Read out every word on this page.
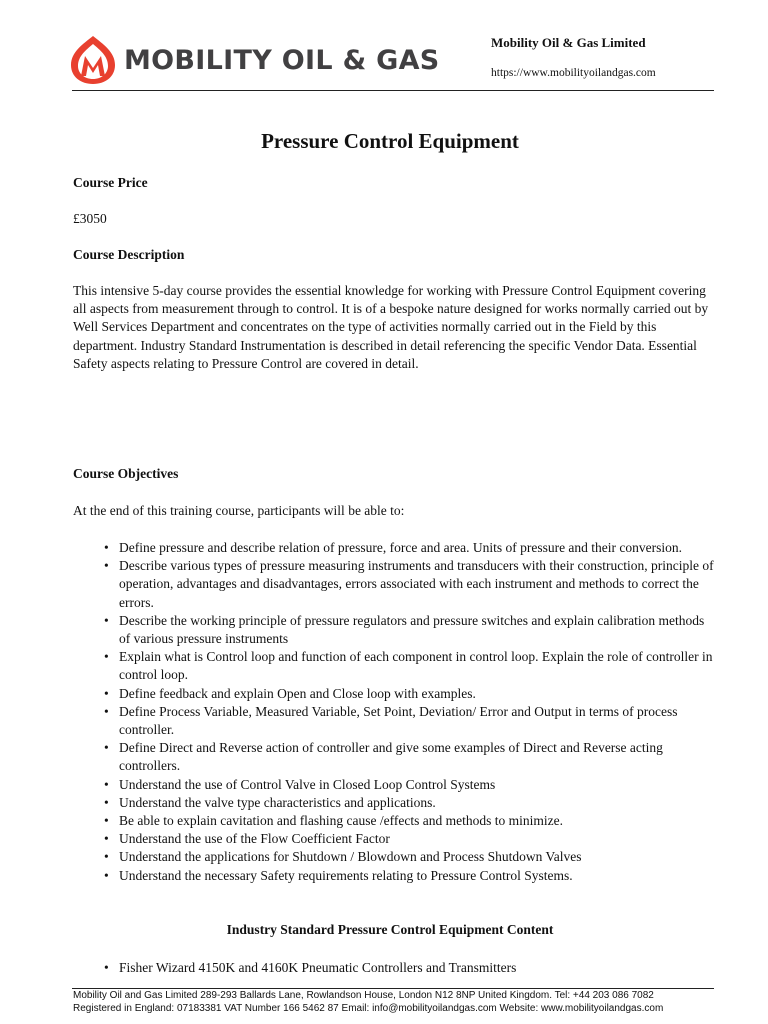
MOBILITY OIL & GAS
Mobility Oil & Gas Limited
https://www.mobilityoilandgas.com
Pressure Control Equipment
Course Price
£3050
Course Description

This intensive 5-day course provides the essential knowledge for working with Pressure Control Equipment covering all aspects from measurement through to control. It is of a bespoke nature designed for works normally carried out by Well Services Department and concentrates on the type of activities normally carried out in the Field by this department. Industry Standard Instrumentation is described in detail referencing the specific Vendor Data. Essential Safety aspects relating to Pressure Control are covered in detail.

Course Objectives

At the end of this training course, participants will be able to:

• Define pressure and describe relation of pressure, force and area. Units of pressure and their conversion.
• Describe various types of pressure measuring instruments and transducers with their construction, principle of operation, advantages and disadvantages, errors associated with each instrument and methods to correct the errors.
• Describe the working principle of pressure regulators and pressure switches and explain calibration methods of various pressure instruments
• Explain what is Control loop and function of each component in control loop. Explain the role of controller in control loop.
• Define feedback and explain Open and Close loop with examples.
• Define Process Variable, Measured Variable, Set Point, Deviation/ Error and Output in terms of process controller.
• Define Direct and Reverse action of controller and give some examples of Direct and Reverse acting controllers.
• Understand the use of Control Valve in Closed Loop Control Systems
• Understand the valve type characteristics and applications.
• Be able to explain cavitation and flashing cause /effects and methods to minimize.
• Understand the use of the Flow Coefficient Factor
• Understand the applications for Shutdown / Blowdown and Process Shutdown Valves
• Understand the necessary Safety requirements relating to Pressure Control Systems.
Industry Standard Pressure Control Equipment Content
• Fisher Wizard 4150K and 4160K Pneumatic Controllers and Transmitters
Mobility Oil and Gas Limited 289-293 Ballards Lane, Rowlandson House, London N12 8NP United Kingdom. Tel: +44 203 086 7082
Registered in England: 07183381 VAT Number 166 5462 87 Email: info@mobilityoilandgas.com Website: www.mobilityoilandgas.com
